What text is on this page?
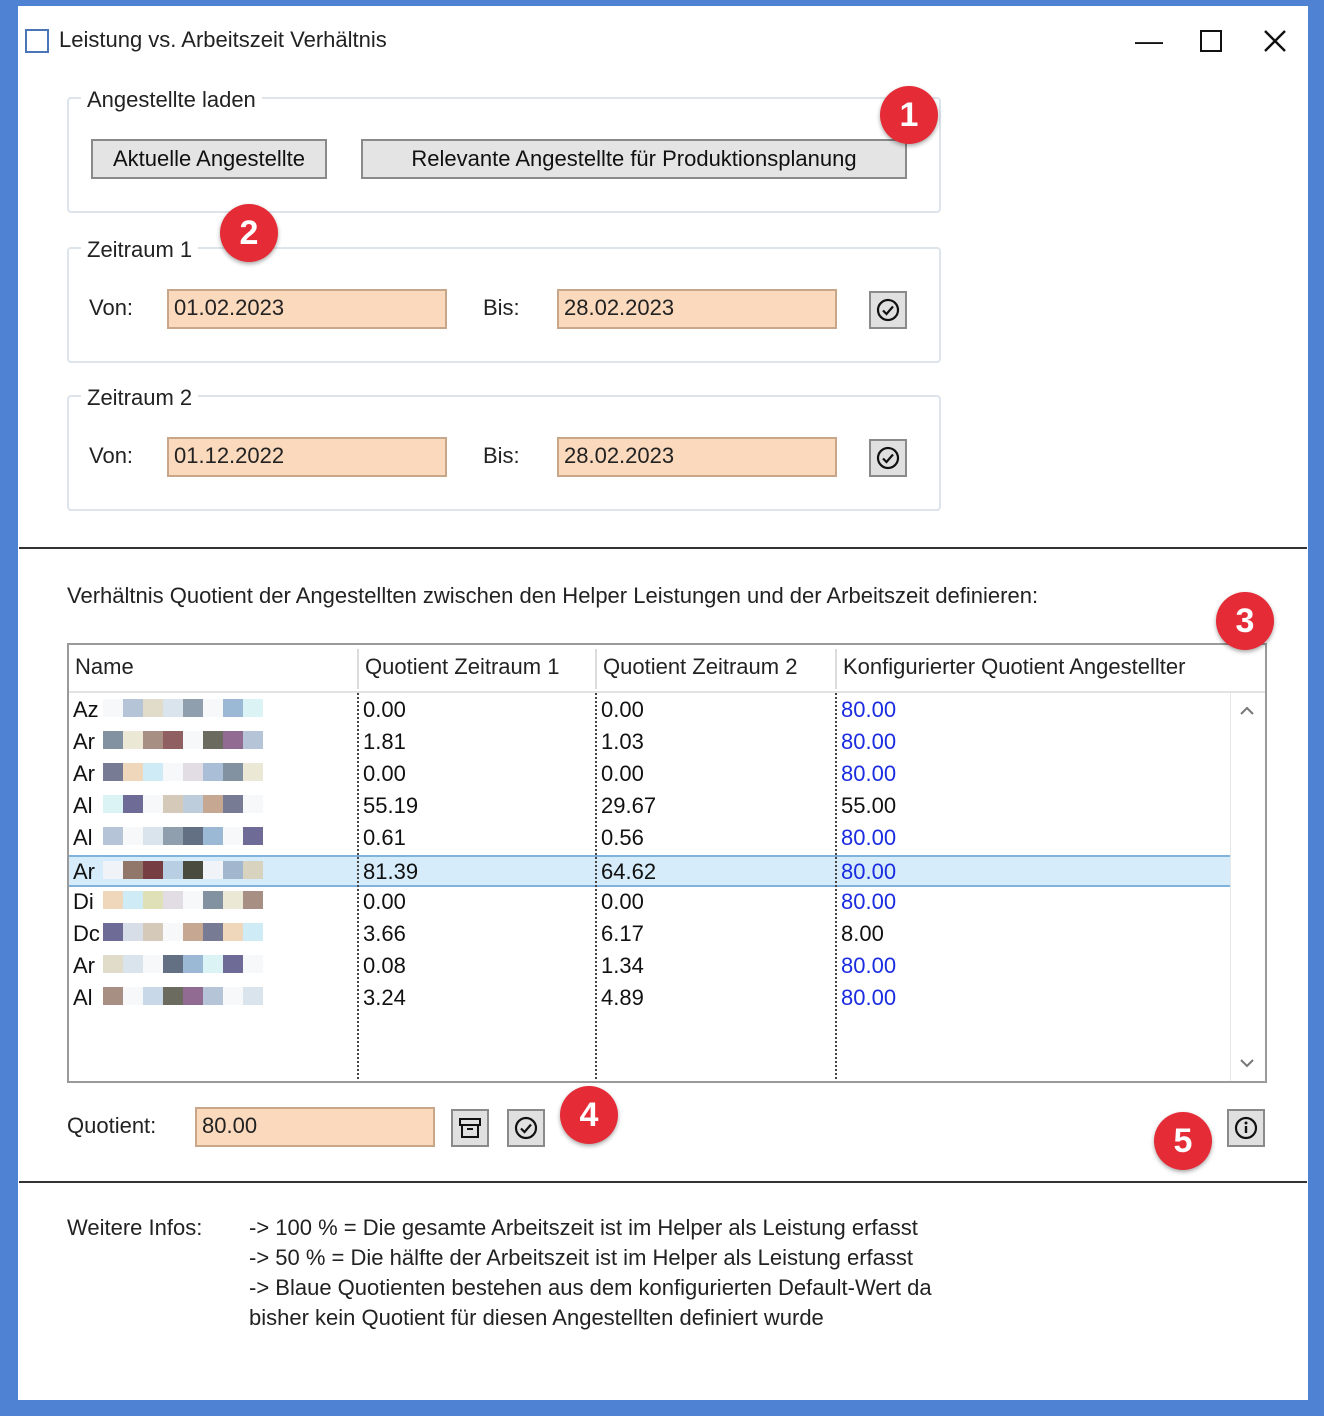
Leistung vs. Arbeitszeit Verhältnis	—
Angestellte laden
Aktuelle Angestellte	Relevante Angestellte für Produktionsplanung
Zeitraum 1
Von:	01.02.2023	Bis:	28.02.2023
Zeitraum 2
Von:	01.12.2022	Bis:	28.02.2023
Verhältnis Quotient der Angestellten zwischen den Helper Leistungen und der Arbeitszeit definieren:
Name	Quotient Zeitraum 1	Quotient Zeitraum 2	Konfigurierter Quotient Angestellter
Az	0.00	0.00	80.00
Ar	1.81	1.03	80.00
Ar	0.00	0.00	80.00
Al	55.19	29.67	55.00
Al	0.61	0.56	80.00
Ar	81.39	64.62	80.00
Di	0.00	0.00	80.00
Dc	3.66	6.17	8.00
Ar	0.08	1.34	80.00
Al	3.24	4.89	80.00
Quotient:	80.00
Weitere Infos: -> 100 % = Die gesamte Arbeitszeit ist im Helper als Leistung erfasst
-> 50 % = Die hälfte der Arbeitszeit ist im Helper als Leistung erfasst
-> Blaue Quotienten bestehen aus dem konfigurierten Default-Wert da
bisher kein Quotient für diesen Angestellten definiert wurde
1
2
3
4
5
